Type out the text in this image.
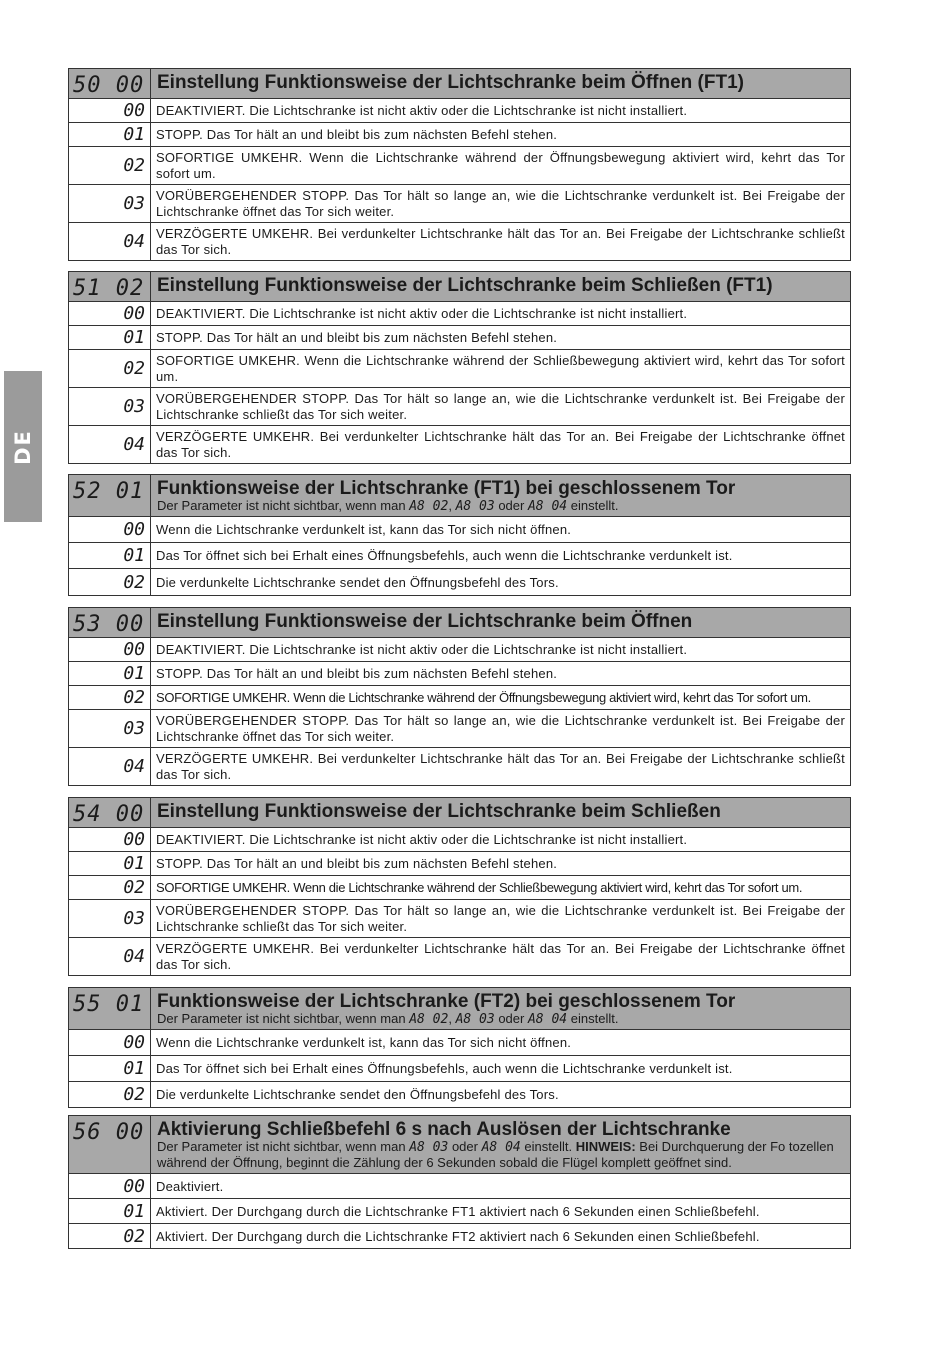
DE
50 00	Einstellung Funktionsweise der Lichtschranke beim Öffnen (FT1)

00	DEAKTIVIERT. Die Lichtschranke ist nicht aktiv oder die Lichtschranke ist nicht installiert.
01	STOPP. Das Tor hält an und bleibt bis zum nächsten Befehl stehen.
02	SOFORTIGE UMKEHR. Wenn die Lichtschranke während der Öffnungsbewegung aktiviert wird, kehrt das Tor sofort um.
03	VORÜBERGEHENDER STOPP. Das Tor hält so lange an, wie die Lichtschranke verdunkelt ist. Bei Freigabe der Lichtschranke öffnet das Tor sich weiter.
04	VERZÖGERTE UMKEHR. Bei verdunkelter Lichtschranke hält das Tor an. Bei Freigabe der Lichtschranke schließt das Tor sich.
51 02	Einstellung Funktionsweise der Lichtschranke beim Schließen (FT1)

00	DEAKTIVIERT. Die Lichtschranke ist nicht aktiv oder die Lichtschranke ist nicht installiert.
01	STOPP. Das Tor hält an und bleibt bis zum nächsten Befehl stehen.
02	SOFORTIGE UMKEHR. Wenn die Lichtschranke während der Schließbewegung aktiviert wird, kehrt das Tor sofort um.
03	VORÜBERGEHENDER STOPP. Das Tor hält so lange an, wie die Lichtschranke verdunkelt ist. Bei Freigabe der Lichtschranke schließt das Tor sich weiter.
04	VERZÖGERTE UMKEHR. Bei verdunkelter Lichtschranke hält das Tor an. Bei Freigabe der Lichtschranke öffnet das Tor sich.
52 01	Funktionsweise der Lichtschranke (FT1) bei geschlossenem Tor
Der Parameter ist nicht sichtbar, wenn man A8 02, A8 03 oder A8 04 einstellt.

00	Wenn die Lichtschranke verdunkelt ist, kann das Tor sich nicht öffnen.
01	Das Tor öffnet sich bei Erhalt eines Öffnungsbefehls, auch wenn die Lichtschranke verdunkelt ist.
02	Die verdunkelte Lichtschranke sendet den Öffnungsbefehl des Tors.
53 00	Einstellung Funktionsweise der Lichtschranke beim Öffnen

00	DEAKTIVIERT. Die Lichtschranke ist nicht aktiv oder die Lichtschranke ist nicht installiert.
01	STOPP. Das Tor hält an und bleibt bis zum nächsten Befehl stehen.
02	SOFORTIGE UMKEHR. Wenn die Lichtschranke während der Öffnungsbewegung aktiviert wird, kehrt das Tor sofort um.
03	VORÜBERGEHENDER STOPP. Das Tor hält so lange an, wie die Lichtschranke verdunkelt ist. Bei Freigabe der Lichtschranke öffnet das Tor sich weiter.
04	VERZÖGERTE UMKEHR. Bei verdunkelter Lichtschranke hält das Tor an. Bei Freigabe der Lichtschranke schließt das Tor sich.
54 00	Einstellung Funktionsweise der Lichtschranke beim Schließen

00	DEAKTIVIERT. Die Lichtschranke ist nicht aktiv oder die Lichtschranke ist nicht installiert.
01	STOPP. Das Tor hält an und bleibt bis zum nächsten Befehl stehen.
02	SOFORTIGE UMKEHR. Wenn die Lichtschranke während der Schließbewegung aktiviert wird, kehrt das Tor sofort um.
03	VORÜBERGEHENDER STOPP. Das Tor hält so lange an, wie die Lichtschranke verdunkelt ist. Bei Freigabe der Lichtschranke schließt das Tor sich weiter.
04	VERZÖGERTE UMKEHR. Bei verdunkelter Lichtschranke hält das Tor an. Bei Freigabe der Lichtschranke öffnet das Tor sich.
55 01	Funktionsweise der Lichtschranke (FT2) bei geschlossenem Tor
Der Parameter ist nicht sichtbar, wenn man A8 02, A8 03 oder A8 04 einstellt.

00	Wenn die Lichtschranke verdunkelt ist, kann das Tor sich nicht öffnen.
01	Das Tor öffnet sich bei Erhalt eines Öffnungsbefehls, auch wenn die Lichtschranke verdunkelt ist.
02	Die verdunkelte Lichtschranke sendet den Öffnungsbefehl des Tors.
56 00	Aktivierung Schließbefehl 6 s nach Auslösen der Lichtschranke
Der Parameter ist nicht sichtbar, wenn man A8 03 oder A8 04 einstellt. HINWEIS: Bei Durchquerung der Fo tozellen während der Öffnung, beginnt die Zählung der 6 Sekunden sobald die Flügel komplett geöffnet sind.

00	Deaktiviert.
01	Aktiviert. Der Durchgang durch die Lichtschranke FT1 aktiviert nach 6 Sekunden einen Schließbefehl.
02	Aktiviert. Der Durchgang durch die Lichtschranke FT2 aktiviert nach 6 Sekunden einen Schließbefehl.
